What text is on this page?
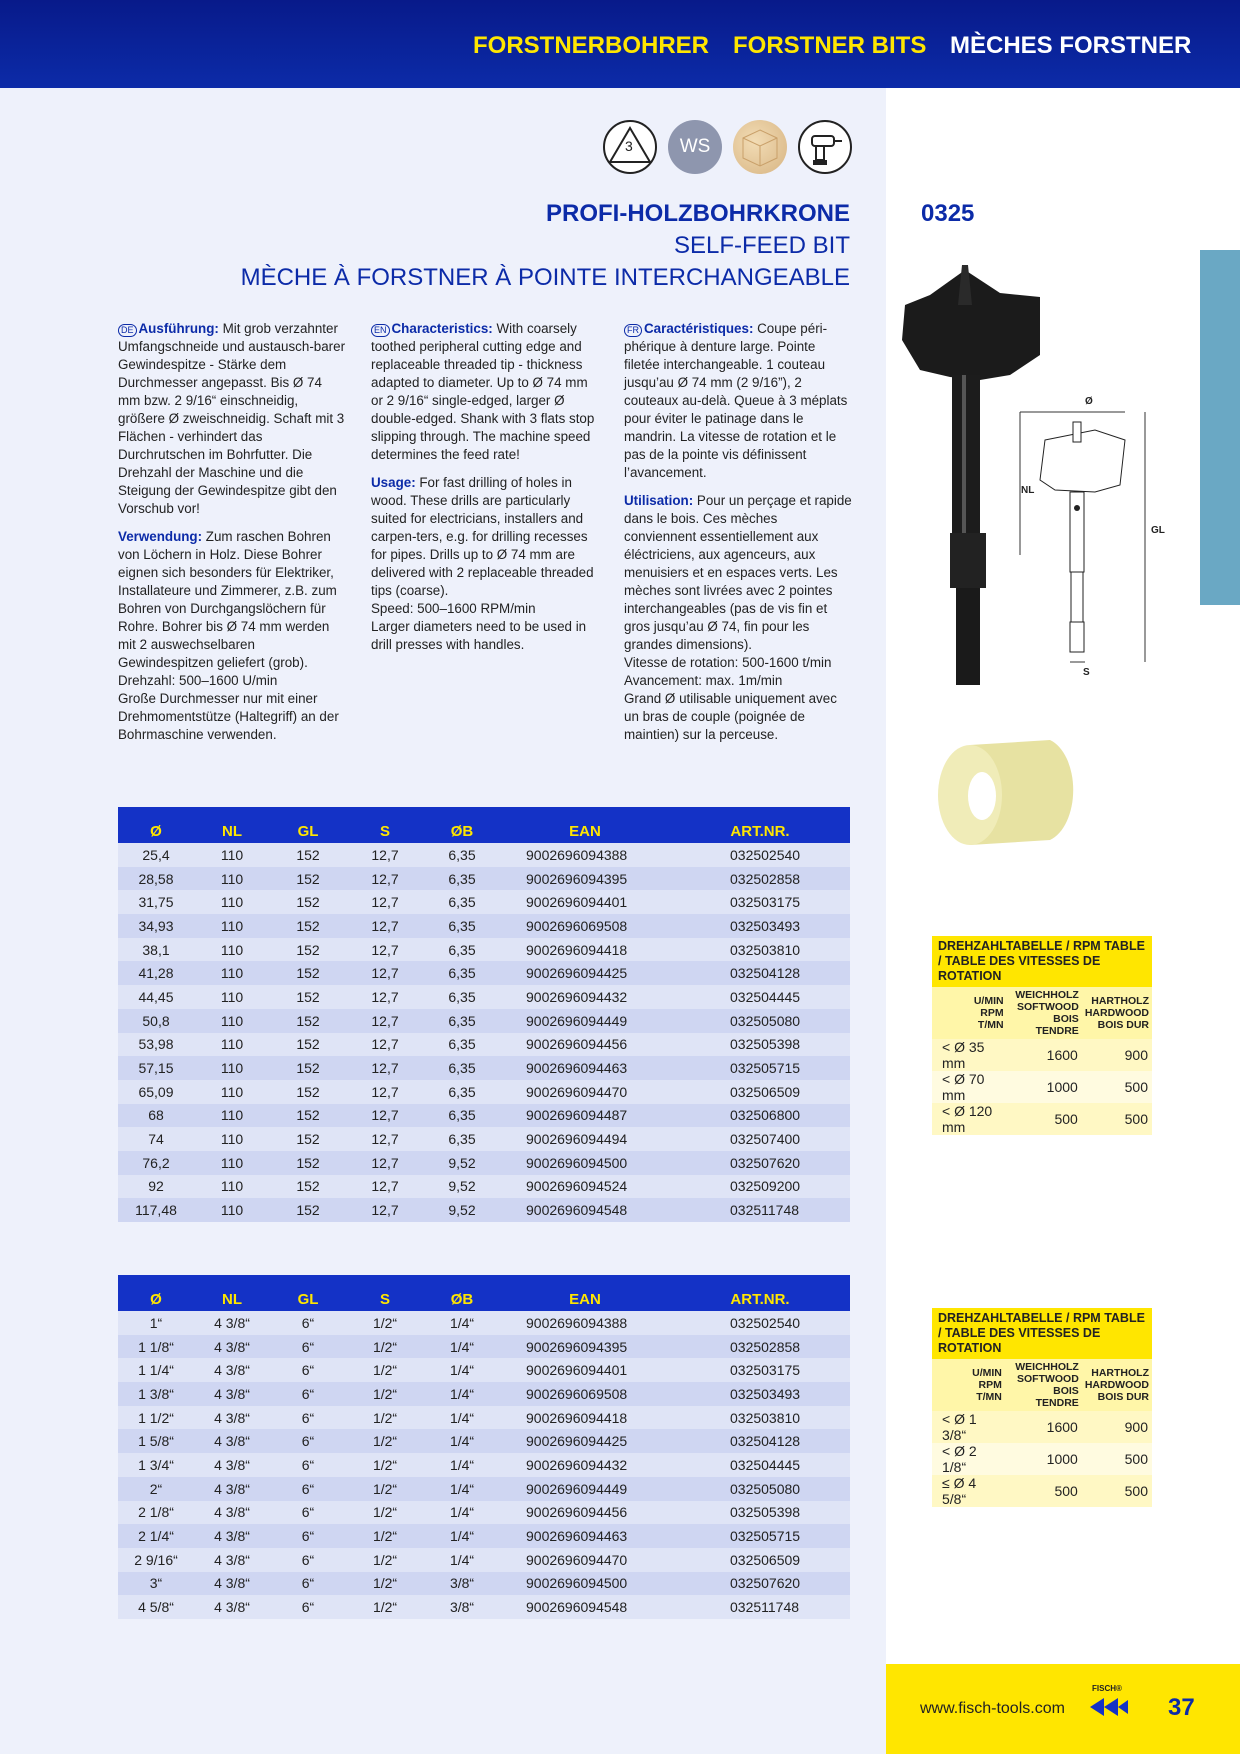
FORSTNERBOHRER FORSTNER BITS MÈCHES FORSTNER
3	WS
PROFI-HOLZBOHRKRONE
SELF-FEED BIT
MÈCHE À FORSTNER À POINTE INTERCHANGEABLE
0325
Ø
NL
GL
S

DE Ausführung: Mit grob verzahnter Umfangschneide und austausch-barer Gewindespitze - Stärke dem Durchmesser angepasst. Bis Ø 74 mm bzw. 2 9/16“ einschneidig, größere Ø zweischneidig. Schaft mit 3 Flächen - verhindert das Durchrutschen im Bohrfutter. Die Drehzahl der Maschine und die Steigung der Gewindespitze gibt den Vorschub vor!

Verwendung: Zum raschen Bohren von Löchern in Holz. Diese Bohrer eignen sich besonders für Elektriker, Installateure und Zimmerer, z.B. zum Bohren von Durchgangslöchern für Rohre. Bohrer bis Ø 74 mm werden mit 2 auswechselbaren Gewindespitzen geliefert (grob).
Drehzahl: 500–1600 U/min
Große Durchmesser nur mit einer Drehmomentstütze (Haltegriff) an der Bohrmaschine verwenden.

EN Characteristics: With coarsely toothed peripheral cutting edge and replaceable threaded tip - thickness adapted to diameter. Up to Ø 74 mm or 2 9/16“ single-edged, larger Ø double-edged. Shank with 3 flats stop slipping through. The machine speed determines the feed rate!

Usage: For fast drilling of holes in wood. These drills are particularly suited for electricians, installers and carpen-ters, e.g. for drilling recesses for pipes. Drills up to Ø 74 mm are delivered with 2 replaceable threaded tips (coarse).
Speed: 500–1600 RPM/min
Larger diameters need to be used in drill presses with handles.

FR Caractéristiques: Coupe péri-phérique à denture large. Pointe filetée interchangeable. 1 couteau jusqu’au Ø 74 mm (2 9/16”), 2 couteaux au-delà. Queue à 3 méplats pour éviter le patinage dans le mandrin. La vitesse de rotation et le pas de la pointe vis définissent l’avancement.

Utilisation: Pour un perçage et rapide dans le bois. Ces mèches conviennent essentiellement aux éléctriciens, aux agenceurs, aux menuisiers et en espaces verts. Les mèches sont livrées avec 2 pointes interchangeables (pas de vis fin et gros jusqu’au Ø 74, fin pour les grandes dimensions).
Vitesse de rotation: 500-1600 t/min
Avancement: max. 1m/min
Grand Ø utilisable uniquement avec un bras de couple (poignée de maintien) sur la perceuse.

Ø	NL	GL	S	ØB	EAN	ART.NR.
25,4	110	152	12,7	6,35	9002696094388	032502540
28,58	110	152	12,7	6,35	9002696094395	032502858
31,75	110	152	12,7	6,35	9002696094401	032503175
34,93	110	152	12,7	6,35	9002696069508	032503493
38,1	110	152	12,7	6,35	9002696094418	032503810
41,28	110	152	12,7	6,35	9002696094425	032504128
44,45	110	152	12,7	6,35	9002696094432	032504445
50,8	110	152	12,7	6,35	9002696094449	032505080
53,98	110	152	12,7	6,35	9002696094456	032505398
57,15	110	152	12,7	6,35	9002696094463	032505715
65,09	110	152	12,7	6,35	9002696094470	032506509
68	110	152	12,7	6,35	9002696094487	032506800
74	110	152	12,7	6,35	9002696094494	032507400
76,2	110	152	12,7	9,52	9002696094500	032507620
92	110	152	12,7	9,52	9002696094524	032509200
117,48	110	152	12,7	9,52	9002696094548	032511748
Ø	NL	GL	S	ØB	EAN	ART.NR.
1“	4 3/8“	6“	1/2“	1/4“	9002696094388	032502540
1 1/8“	4 3/8“	6“	1/2“	1/4“	9002696094395	032502858
1 1/4“	4 3/8“	6“	1/2“	1/4“	9002696094401	032503175
1 3/8“	4 3/8“	6“	1/2“	1/4“	9002696069508	032503493
1 1/2“	4 3/8“	6“	1/2“	1/4“	9002696094418	032503810
1 5/8“	4 3/8“	6“	1/2“	1/4“	9002696094425	032504128
1 3/4“	4 3/8“	6“	1/2“	1/4“	9002696094432	032504445
2“	4 3/8“	6“	1/2“	1/4“	9002696094449	032505080
2 1/8“	4 3/8“	6“	1/2“	1/4“	9002696094456	032505398
2 1/4“	4 3/8“	6“	1/2“	1/4“	9002696094463	032505715
2 9/16“	4 3/8“	6“	1/2“	1/4“	9002696094470	032506509
3“	4 3/8“	6“	1/2“	3/8“	9002696094500	032507620
4 5/8“	4 3/8“	6“	1/2“	3/8“	9002696094548	032511748
DREHZAHLTABELLE / RPM TABLE / TABLE DES VITESSES DE ROTATION
U/MIN
RPM
T/MN	WEICHHOLZ
SOFTWOOD
BOIS TENDRE	HARTHOLZ
HARDWOOD
BOIS DUR
< Ø 35 mm	1600	900
< Ø 70 mm	1000	500
< Ø 120 mm	500	500
DREHZAHLTABELLE / RPM TABLE / TABLE DES VITESSES DE ROTATION
U/MIN
RPM
T/MN	WEICHHOLZ
SOFTWOOD
BOIS TENDRE	HARTHOLZ
HARDWOOD
BOIS DUR
< Ø 1 3/8“	1600	900
< Ø 2 1/8“	1000	500
≤ Ø 4 5/8“	500	500
www.fisch-tools.com
FISCH®
37
